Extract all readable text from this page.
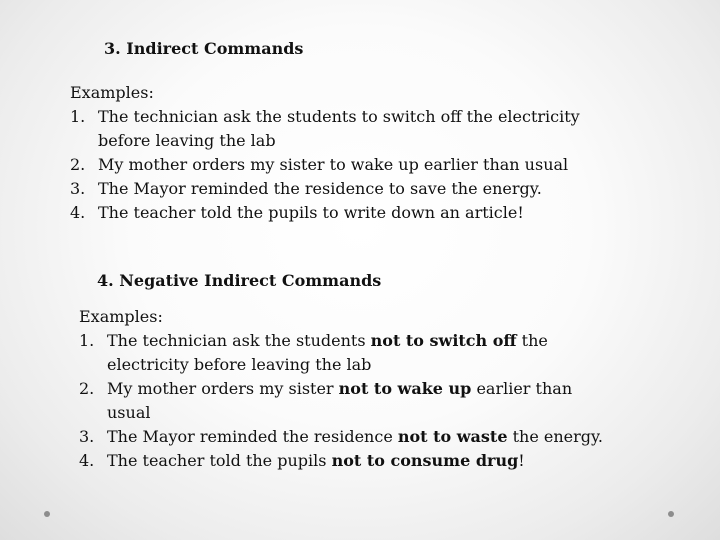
3. Indirect Commands
Examples:
1. The technician ask the students to switch off the electricity
before leaving the lab
2. My mother orders my sister to wake up earlier than usual
3. The Mayor reminded the residence to save the energy.
4. The teacher told the pupils to write down an article!
4. Negative Indirect Commands
Examples:
1. The technician ask the students not to switch off the
electricity before leaving the lab
2. My mother orders my sister not to wake up earlier than
usual
3. The Mayor reminded the residence not to waste the energy.
4. The teacher told the pupils not to consume drug!
